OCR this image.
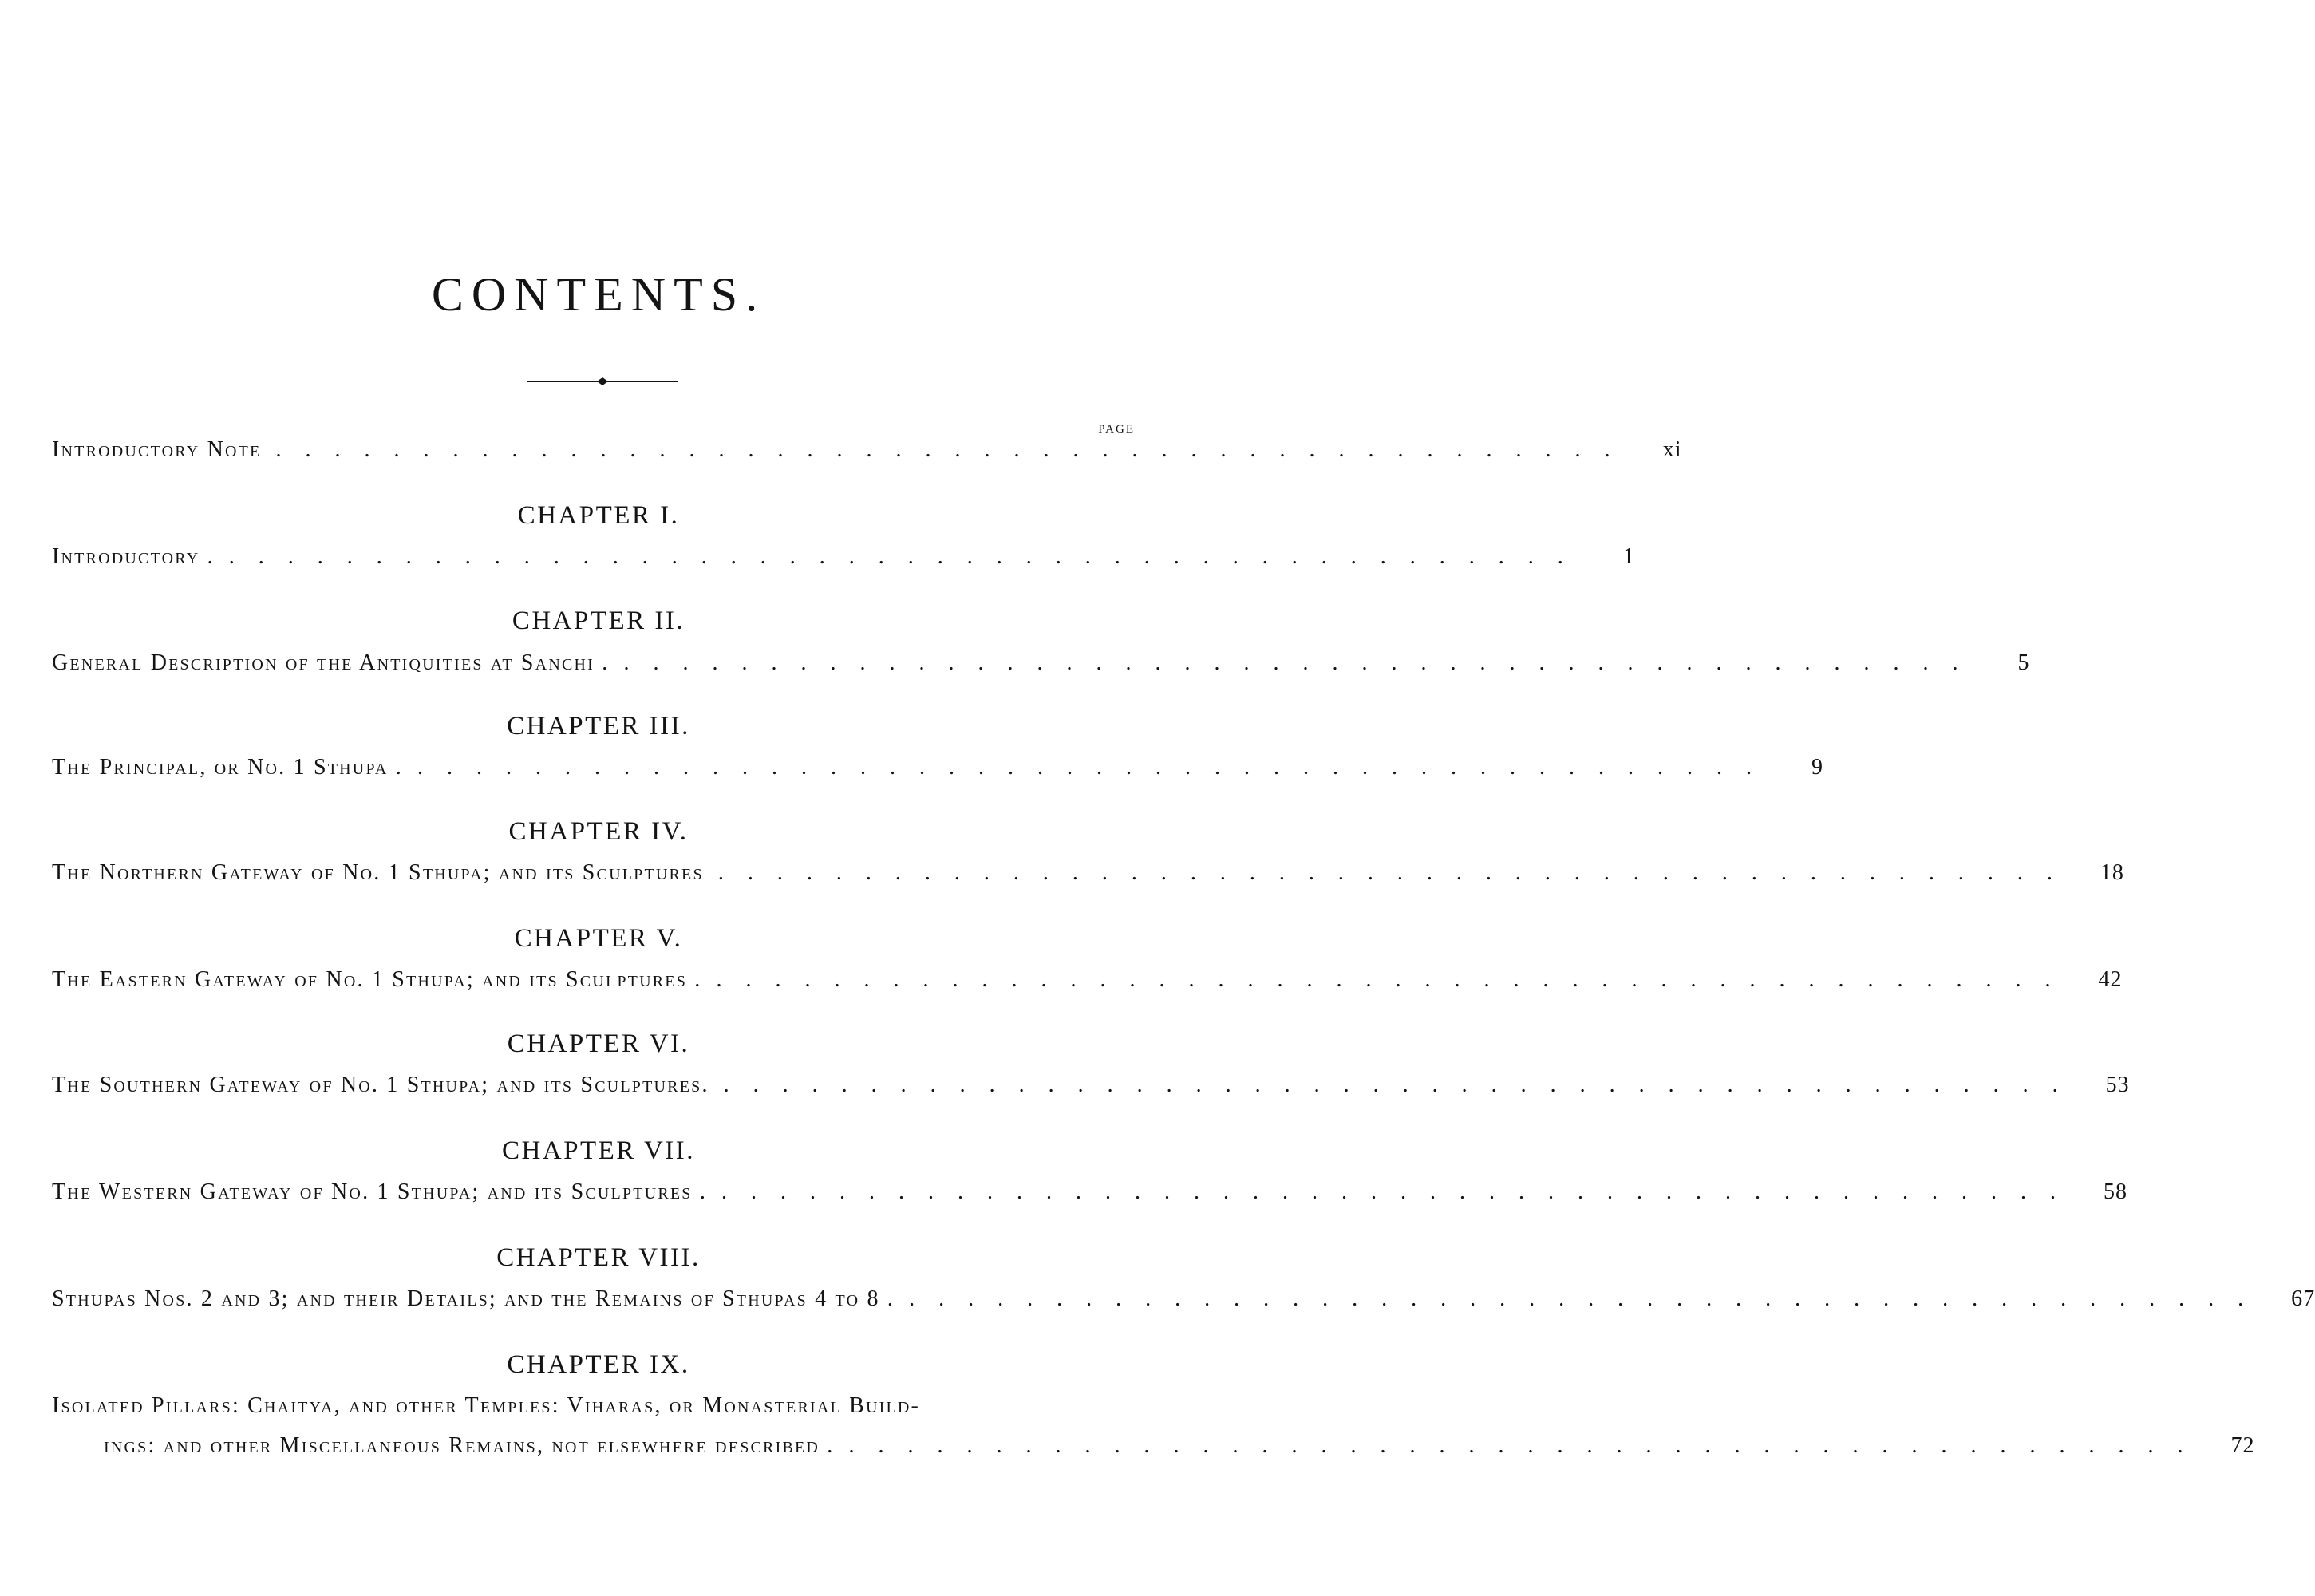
CONTENTS.
PAGE
Introductory Note ..............................................	xi
CHAPTER I.
Introductory . ..............................................	1
CHAPTER II.
General Description of the Antiquities at Sanchi . ..............................................	5
CHAPTER III.
The Principal, or No. 1 Sthupa . ..............................................	9
CHAPTER IV.
The Northern Gateway of No. 1 Sthupa; and its Sculptures ..............................................	18
CHAPTER V.
The Eastern Gateway of No. 1 Sthupa; and its Sculptures . ..............................................	42
CHAPTER VI.
The Southern Gateway of No. 1 Sthupa; and its Sculptures. ..............................................	53
CHAPTER VII.
The Western Gateway of No. 1 Sthupa; and its Sculptures . ..............................................	58
CHAPTER VIII.
Sthupas Nos. 2 and 3; and their Details; and the Remains of Sthupas 4 to 8 . ..............................................	67
CHAPTER IX.
Isolated Pillars: Chaitya, and other Temples: Viharas, or Monasterial Build-
ings: and other Miscellaneous Remains, not elsewhere described . ..............................................	72
